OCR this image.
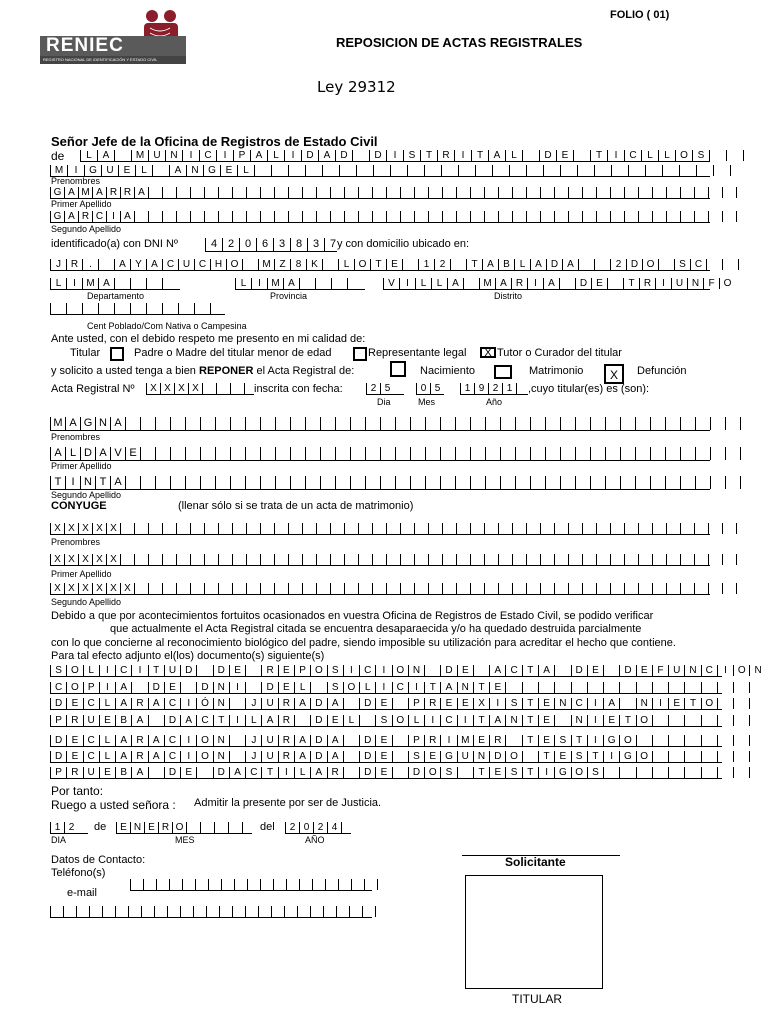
RENIEC
REGISTRO NACIONAL DE IDENTIFICACIÓN Y ESTADO CIVIL
FOLIO ( 01)
REPOSICION DE ACTAS REGISTRALES
Ley 29312
Señor Jefe de la Oficina de Registros de Estado Civil
de	L	A	M U N	I	C	I	P	A	L	I	D	A	D	D	I	S	T	R	I	T	A	L	D	E	T	I	C	L	L	O S
M	I	G U	E	L	A	N G E	L
Prenombres
G A M A R R A
Primer Apellido
G A R C I A
Segundo Apellido
identificado(a) con DNI Nº	4 2 0 6 3 8 3 7 y con domicilio ubicado en:
J R	.	A Y A C U C H O	M Z	8 K	L O T E	1	2	T A B L A D A	2 D O	S C
L	I	M A	L	I	M A	V	I	L	L A	M A R	I	A	D E	T R	I	U N F O
Departamento	Provincia	Distrito
Cent Poblado/Com Nativa o Campesina
Ante usted, con el debido respeto me presento en mi calidad de:
Titular	Padre o Madre del titular menor de edad	Representante legal	X Tutor o Curador del titular
y solicito a usted tenga a bien REPONER el Acta Registral de:	Nacimiento	Matrimonio	X	Defunción
Acta Registral Nº	X X X X	inscrita con fecha:	2 5	0 5	1 9 2 1	,cuyo titular(es) es (son):
Dia	Mes	Año
M A G N A
Prenombres
A L D A V E
Primer Apellido
T I N T A
Segundo Apellido
CONYUGE	(llenar sólo si se trata de un acta de matrimonio)
X X X X X
Prenombres
X X X X X
Primer Apellido
X X X X X X
Segundo Apellido
Debido a que por acontecimientos fortuitos ocasionados en vuestra Oficina de Registros de Estado Civil, se podido verificar
que actualmente el Acta Registral citada se encuentra desaparaecida y/o ha quedado destruida parcialmente
con lo que concierne al reconocimiento biológico del padre, siendo imposible su utilización para acreditar el hecho que contiene.
Para tal efecto adjunto el(los) documento(s) siguiente(s)
S O L	I	C	I	T U D	D E	R E P O S	I	C	I	O N	D E	A C T A	D E	D E F U N C	I	O N
C O P	I	A	D E	D N	I	D E	L	S O L	I	C	I	T A N T E
D E C L	A R A C	I	Ó N	J	U R A D A	D E	P R E E X	I	S T E N C	I	A	N	I	E T O
P R U E B A	D A C T	I	L	A R	D E	L	S O L	I	C	I	T A N T E	N	I	E T O
D E C L	A R A C	I	O N	J	U R A D A	D E	P R	I	M E R	T E S T	I	G O
D E C L	A R A C	I	O N	J	U R A D A	D E	S E G U N D O	T E S T	I	G O
P R U E B A	D E	D A C T	I	L	A R	D E	D O S	T E S T	I	G O S
Por tanto:
Ruego a usted señora : Admitir la presente por ser de Justicia.
1 2	de	E N E R O	del	2 0 2 4
DIA	MES	AÑO
Datos de Contacto:
Teléfono(s)
e-mail
Solicitante
TITULAR
